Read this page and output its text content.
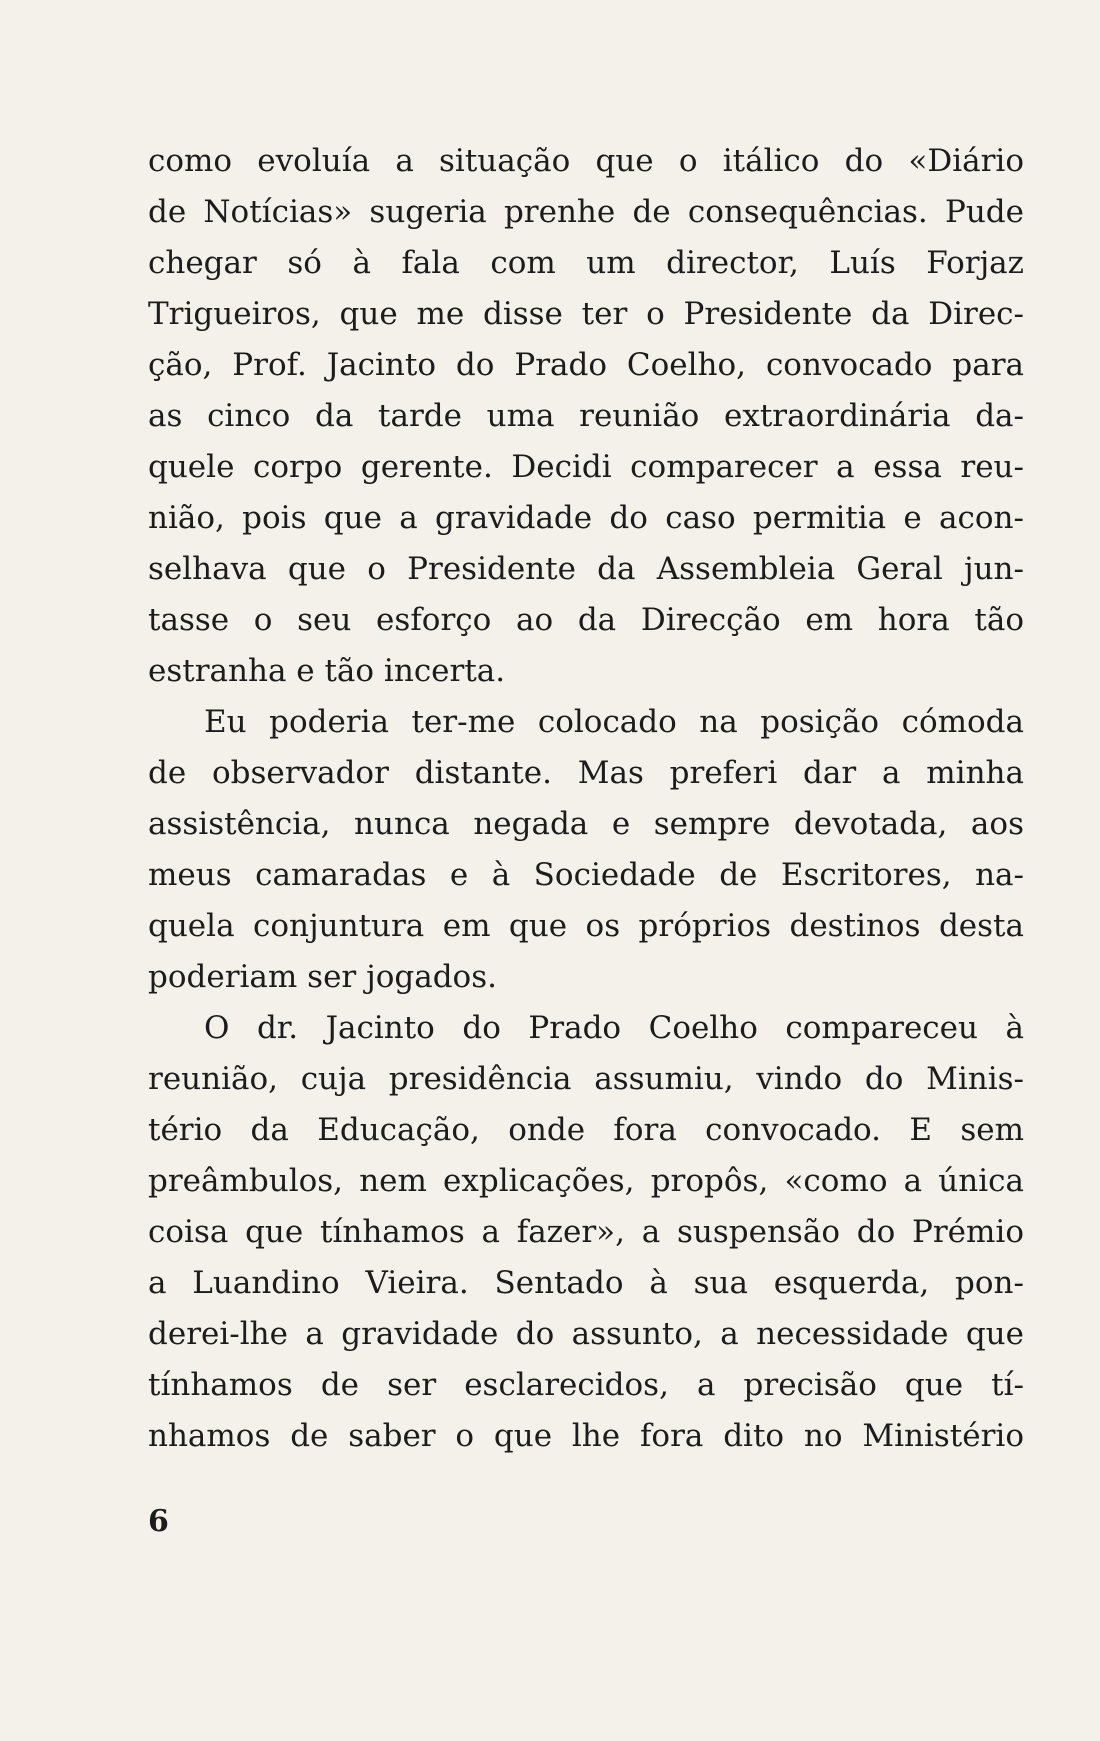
como evoluía a situação que o itálico do «Diário
de Notícias» sugeria prenhe de consequências. Pude
chegar só à fala com um director, Luís Forjaz
Trigueiros, que me disse ter o Presidente da Direc-
ção, Prof. Jacinto do Prado Coelho, convocado para
as cinco da tarde uma reunião extraordinária da-
quele corpo gerente. Decidi comparecer a essa reu-
nião, pois que a gravidade do caso permitia e acon-
selhava que o Presidente da Assembleia Geral jun-
tasse o seu esforço ao da Direcção em hora tão
estranha e tão incerta.
Eu poderia ter-me colocado na posição cómoda
de observador distante. Mas preferi dar a minha
assistência, nunca negada e sempre devotada, aos
meus camaradas e à Sociedade de Escritores, na-
quela conjuntura em que os próprios destinos desta
poderiam ser jogados.
O dr. Jacinto do Prado Coelho compareceu à
reunião, cuja presidência assumiu, vindo do Minis-
tério da Educação, onde fora convocado. E sem
preâmbulos, nem explicações, propôs, «como a única
coisa que tínhamos a fazer», a suspensão do Prémio
a Luandino Vieira. Sentado à sua esquerda, pon-
derei-lhe a gravidade do assunto, a necessidade que
tínhamos de ser esclarecidos, a precisão que tí-
nhamos de saber o que lhe fora dito no Ministério
6
